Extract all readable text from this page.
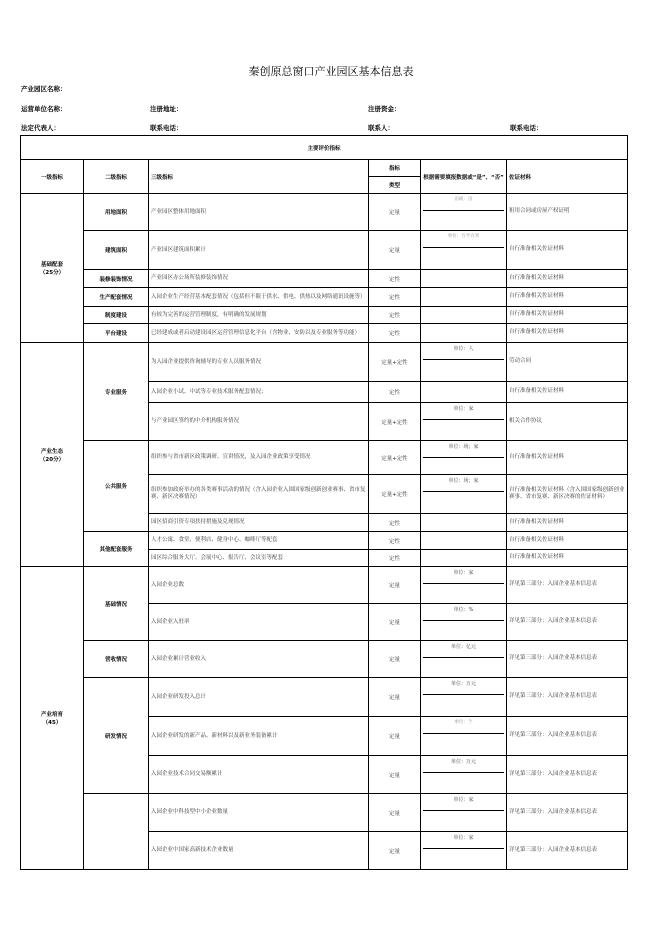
秦创原总窗口产业园区基本信息表
产业园区名称：
运营单位名称：	注册地址：	注册资金：
法定代表人：	联系电话：	联系人：	联系电话：
主要评价指标					
一级指标	二级指标	三级指标	指标	根据需要填报数据或“是”、“否”	佐证材料
			类型		
基础配套
（25分）	用地面积	产业园区整体用地面积	定量	亩或：亩	租用合同或房屋产权证明
	建筑面积	产业园区建筑面积累计	定量	单位：万平方米	自行准备相关佐证材料
	装修装饰情况	产业园区办公场所装修装饰情况	定性		自行准备相关佐证材料
	生产配套情况	入园企业生产经营基本配套情况（包括但不限于供水、供电、供热以及网络通讯设施等）	定性		自行准备相关佐证材料
	制度建设	有较为完善的运营管理制度，有明确的发展规划	定性		自行准备相关佐证材料
	平台建设	已经建成或者启动建设园区运营管理信息化平台（含物业、安防以及专业服务等功能）	定性		自行准备相关佐证材料
产业生态
（20分）	专业服务	为入园企业提供咨询辅导的专业人员服务情况	定量+定性	单位：人	劳动合同
		入园企业小试、中试等专业技术服务配套情况；	定性		自行准备相关佐证材料
		与产业园区签约的中介机构服务情况	定量+定性	单位：家	相关合作协议
	公共服务	组织参与省市新区政策调研、宣讲情况，及入园企业政策享受情况	定量+定性	单位：场；家	自行准备相关佐证材料
		组织参加政府举办的各类赛事活动的情况（含入园企业入围国家级创新创业赛事、省市复赛、新区决赛情况）	定量+定性	单位：场；家	自行准备相关佐证材料（含入围国家级创新创业赛事、省市复赛、新区决赛的佐证材料）
		园区招商引资专项扶持措施及兑现情况	定性		自行准备相关佐证材料
	其他配套服务	人才公寓、食堂、便利店、健身中心、咖啡厅等配套	定性		自行准备相关佐证材料
		园区综合服务大厅、会展中心、报告厅、会议室等配套	定性		自行准备相关佐证材料
产业培育
（45）	基础情况	入园企业总数	定量	单位：家	详见第三部分：入园企业基本信息表
		入园企业入驻率	定量	单位：%	详见第三部分：入园企业基本信息表
	营收情况	入园企业累计营业收入	定量	单位：亿元	详见第三部分：入园企业基本信息表
	研发情况	入园企业研发投入总计	定量	单位：万元	详见第三部分：入园企业基本信息表
		入园企业研发的新产品、新材料以及新业务装备累计	定量	单位：个	详见第三部分：入园企业基本信息表
		入园企业技术合同交易额累计	定量	单位：万元	详见第三部分：入园企业基本信息表
		入园企业中科技型中小企业数量	定量	单位：家	详见第三部分：入园企业基本信息表
		入园企业中国家高新技术企业数量	定量	单位：家	详见第三部分：入园企业基本信息表
